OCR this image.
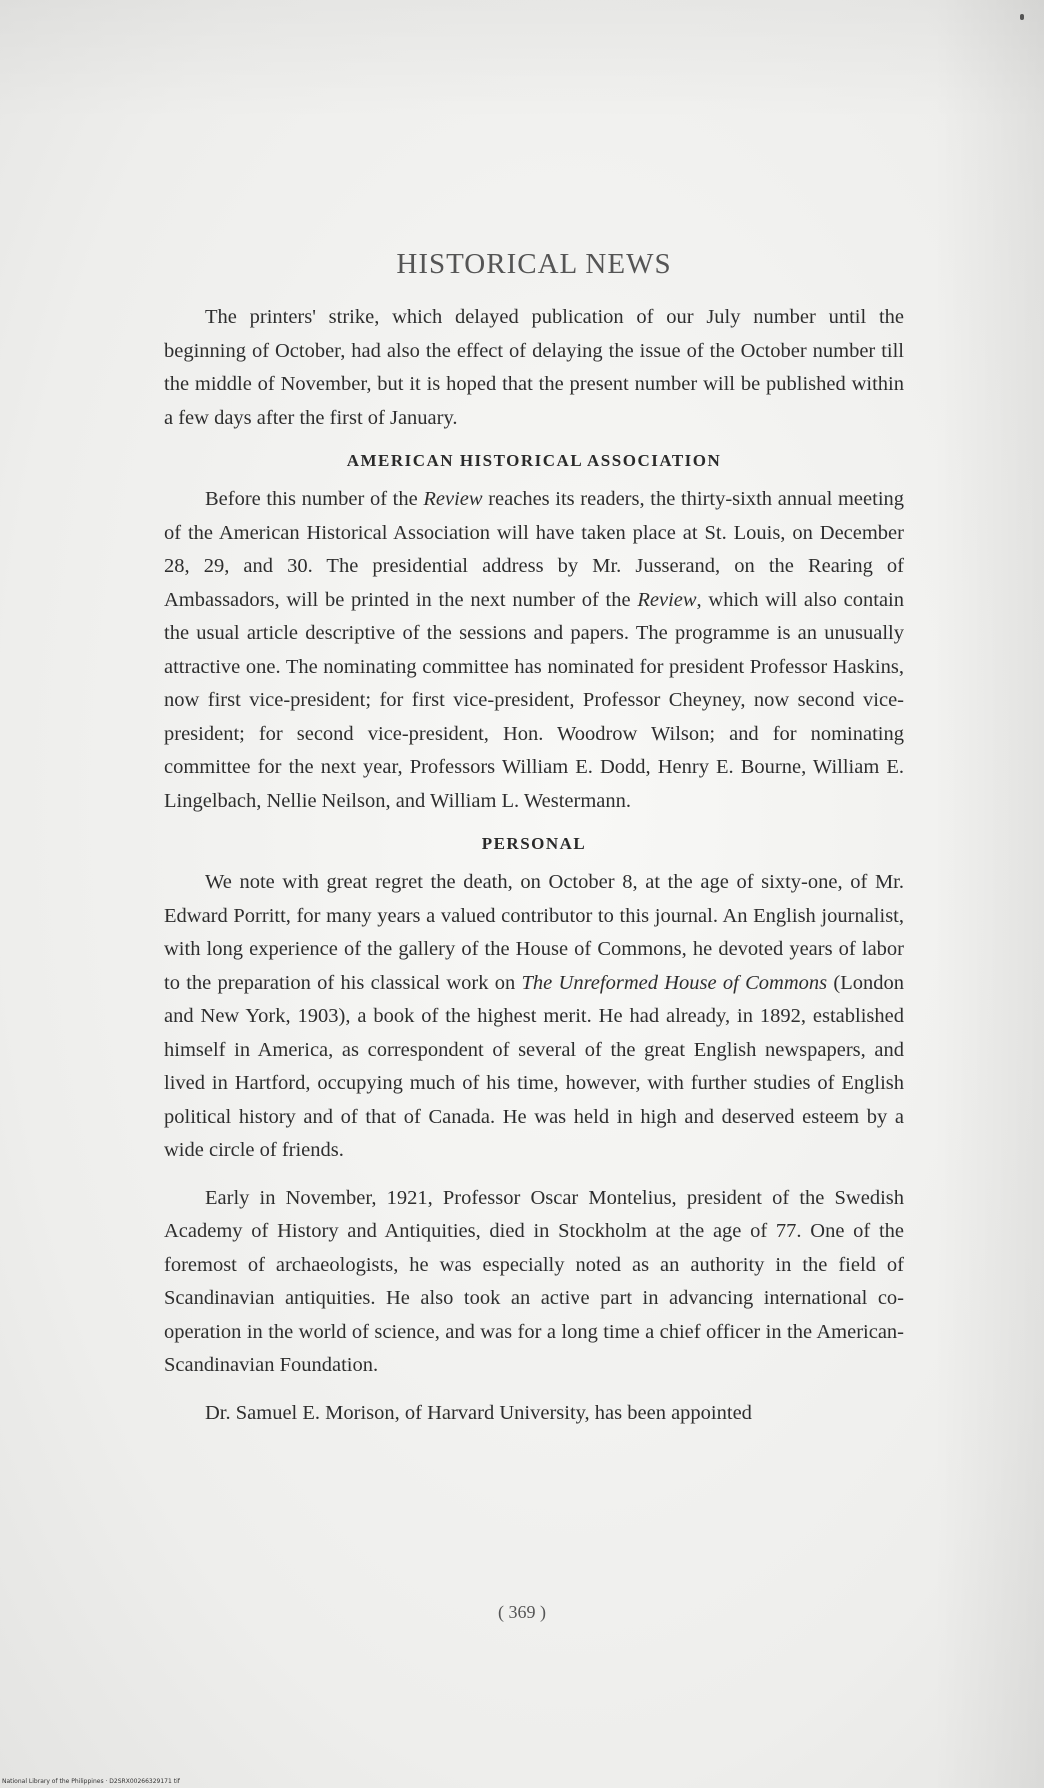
HISTORICAL NEWS

The printers' strike, which delayed publication of our July number until the beginning of October, had also the effect of delaying the issue of the October number till the middle of November, but it is hoped that the present number will be published within a few days after the first of January.

AMERICAN HISTORICAL ASSOCIATION

Before this number of the Review reaches its readers, the thirty-sixth annual meeting of the American Historical Association will have taken place at St. Louis, on December 28, 29, and 30. The presidential address by Mr. Jusserand, on the Rearing of Ambassadors, will be printed in the next number of the Review, which will also contain the usual article descriptive of the sessions and papers. The programme is an unusually attractive one. The nominating committee has nominated for president Professor Haskins, now first vice-president; for first vice-president, Professor Cheyney, now second vice-president; for second vice-president, Hon. Woodrow Wilson; and for nominating committee for the next year, Professors William E. Dodd, Henry E. Bourne, William E. Lingelbach, Nellie Neilson, and William L. Westermann.

PERSONAL

We note with great regret the death, on October 8, at the age of sixty-one, of Mr. Edward Porritt, for many years a valued contributor to this journal. An English journalist, with long experience of the gallery of the House of Commons, he devoted years of labor to the preparation of his classical work on The Unreformed House of Commons (London and New York, 1903), a book of the highest merit. He had already, in 1892, established himself in America, as correspondent of several of the great English newspapers, and lived in Hartford, occupying much of his time, however, with further studies of English political history and of that of Canada. He was held in high and deserved esteem by a wide circle of friends.

Early in November, 1921, Professor Oscar Montelius, president of the Swedish Academy of History and Antiquities, died in Stockholm at the age of 77. One of the foremost of archaeologists, he was especially noted as an authority in the field of Scandinavian antiquities. He also took an active part in advancing international co-operation in the world of science, and was for a long time a chief officer in the American-Scandinavian Foundation.

Dr. Samuel E. Morison, of Harvard University, has been appointed

( 369 )
National Library of the Philippines · D2SRX00266329171 tif
